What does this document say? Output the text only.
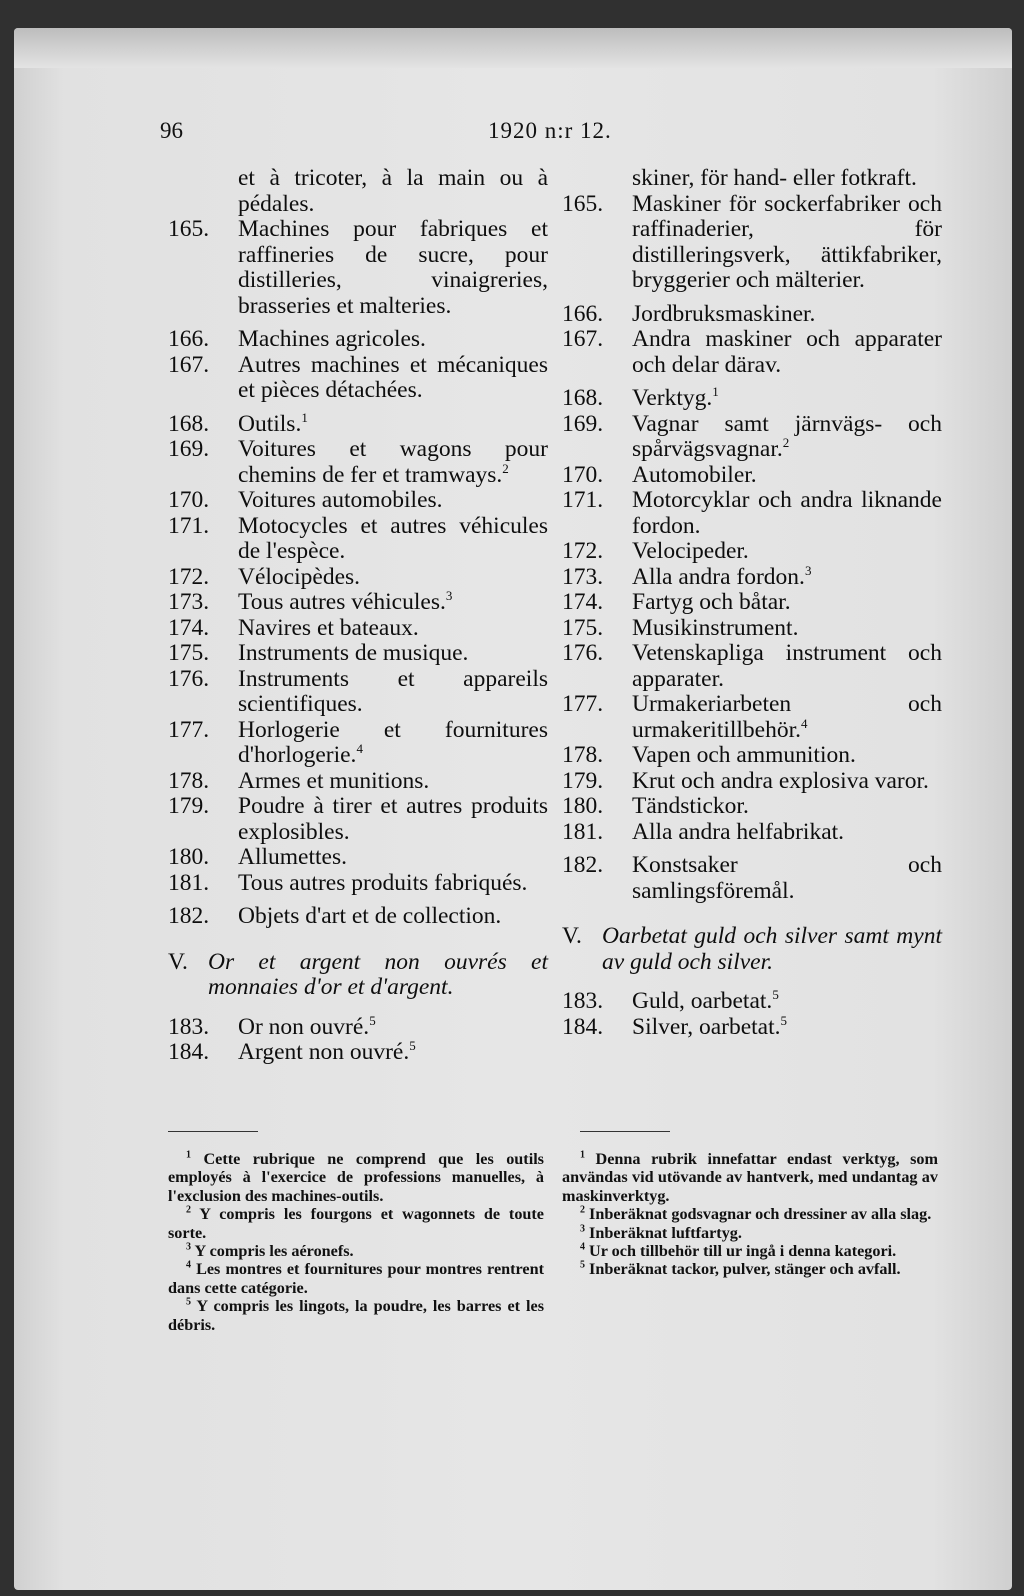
96	1920 n:r 12.
et à tricoter, à la main ou à pédales.
165.	Machines pour fabriques et raffineries de sucre, pour distilleries, vinaigreries, brasseries et malteries.
166.	Machines agricoles.
167.	Autres machines et mécaniques et pièces détachées.
168.	Outils.$^1$
169.	Voitures et wagons pour chemins de fer et tramways.$^2$
170.	Voitures automobiles.
171.	Motocycles et autres véhicules de l'espèce.
172.	Vélocipèdes.
173.	Tous autres véhicules.$^3$
174.	Navires et bateaux.
175.	Instruments de musique.
176.	Instruments et appareils scientifiques.
177.	Horlogerie et fournitures d'horlogerie.$^4$
178.	Armes et munitions.
179.	Poudre à tirer et autres produits explosibles.
180.	Allumettes.
181.	Tous autres produits fabriqués.
182.	Objets d'art et de collection.
V. Or et argent non ouvrés et monnaies d'or et d'argent.
183.	Or non ouvré.$^5$
184.	Argent non ouvré.$^5$
skiner, för hand- eller fotkraft.
165.	Maskiner för sockerfabriker och raffinaderier, för distilleringsverk, ättikfabriker, bryggerier och mälterier.
166.	Jordbruksmaskiner.
167.	Andra maskiner och apparater och delar därav.
168.	Verktyg.$^1$
169.	Vagnar samt järnvägs- och spårvägsvagnar.$^2$
170.	Automobiler.
171.	Motorcyklar och andra liknande fordon.
172.	Velocipeder.
173.	Alla andra fordon.$^3$
174.	Fartyg och båtar.
175.	Musikinstrument.
176.	Vetenskapliga instrument och apparater.
177.	Urmakeriarbeten och urmakeritillbehör.$^4$
178.	Vapen och ammunition.
179.	Krut och andra explosiva varor.
180.	Tändstickor.
181.	Alla andra helfabrikat.
182.	Konstsaker och samlingsföremål.
V. Oarbetat guld och silver samt mynt av guld och silver.
183.	Guld, oarbetat.$^5$
184.	Silver, oarbetat.$^5$

$^1$ Cette rubrique ne comprend que les outils employés à l'exercice de professions manuelles, à l'exclusion des machines-outils.

$^2$ Y compris les fourgons et wagonnets de toute sorte.

$^3$ Y compris les aéronefs.

$^4$ Les montres et fournitures pour montres rentrent dans cette catégorie.

$^5$ Y compris les lingots, la poudre, les barres et les débris.

$^1$ Denna rubrik innefattar endast verktyg, som användas vid utövande av hantverk, med undantag av maskinverktyg.

$^2$ Inberäknat godsvagnar och dressiner av alla slag.

$^3$ Inberäknat luftfartyg.

$^4$ Ur och tillbehör till ur ingå i denna kategori.

$^5$ Inberäknat tackor, pulver, stänger och avfall.
